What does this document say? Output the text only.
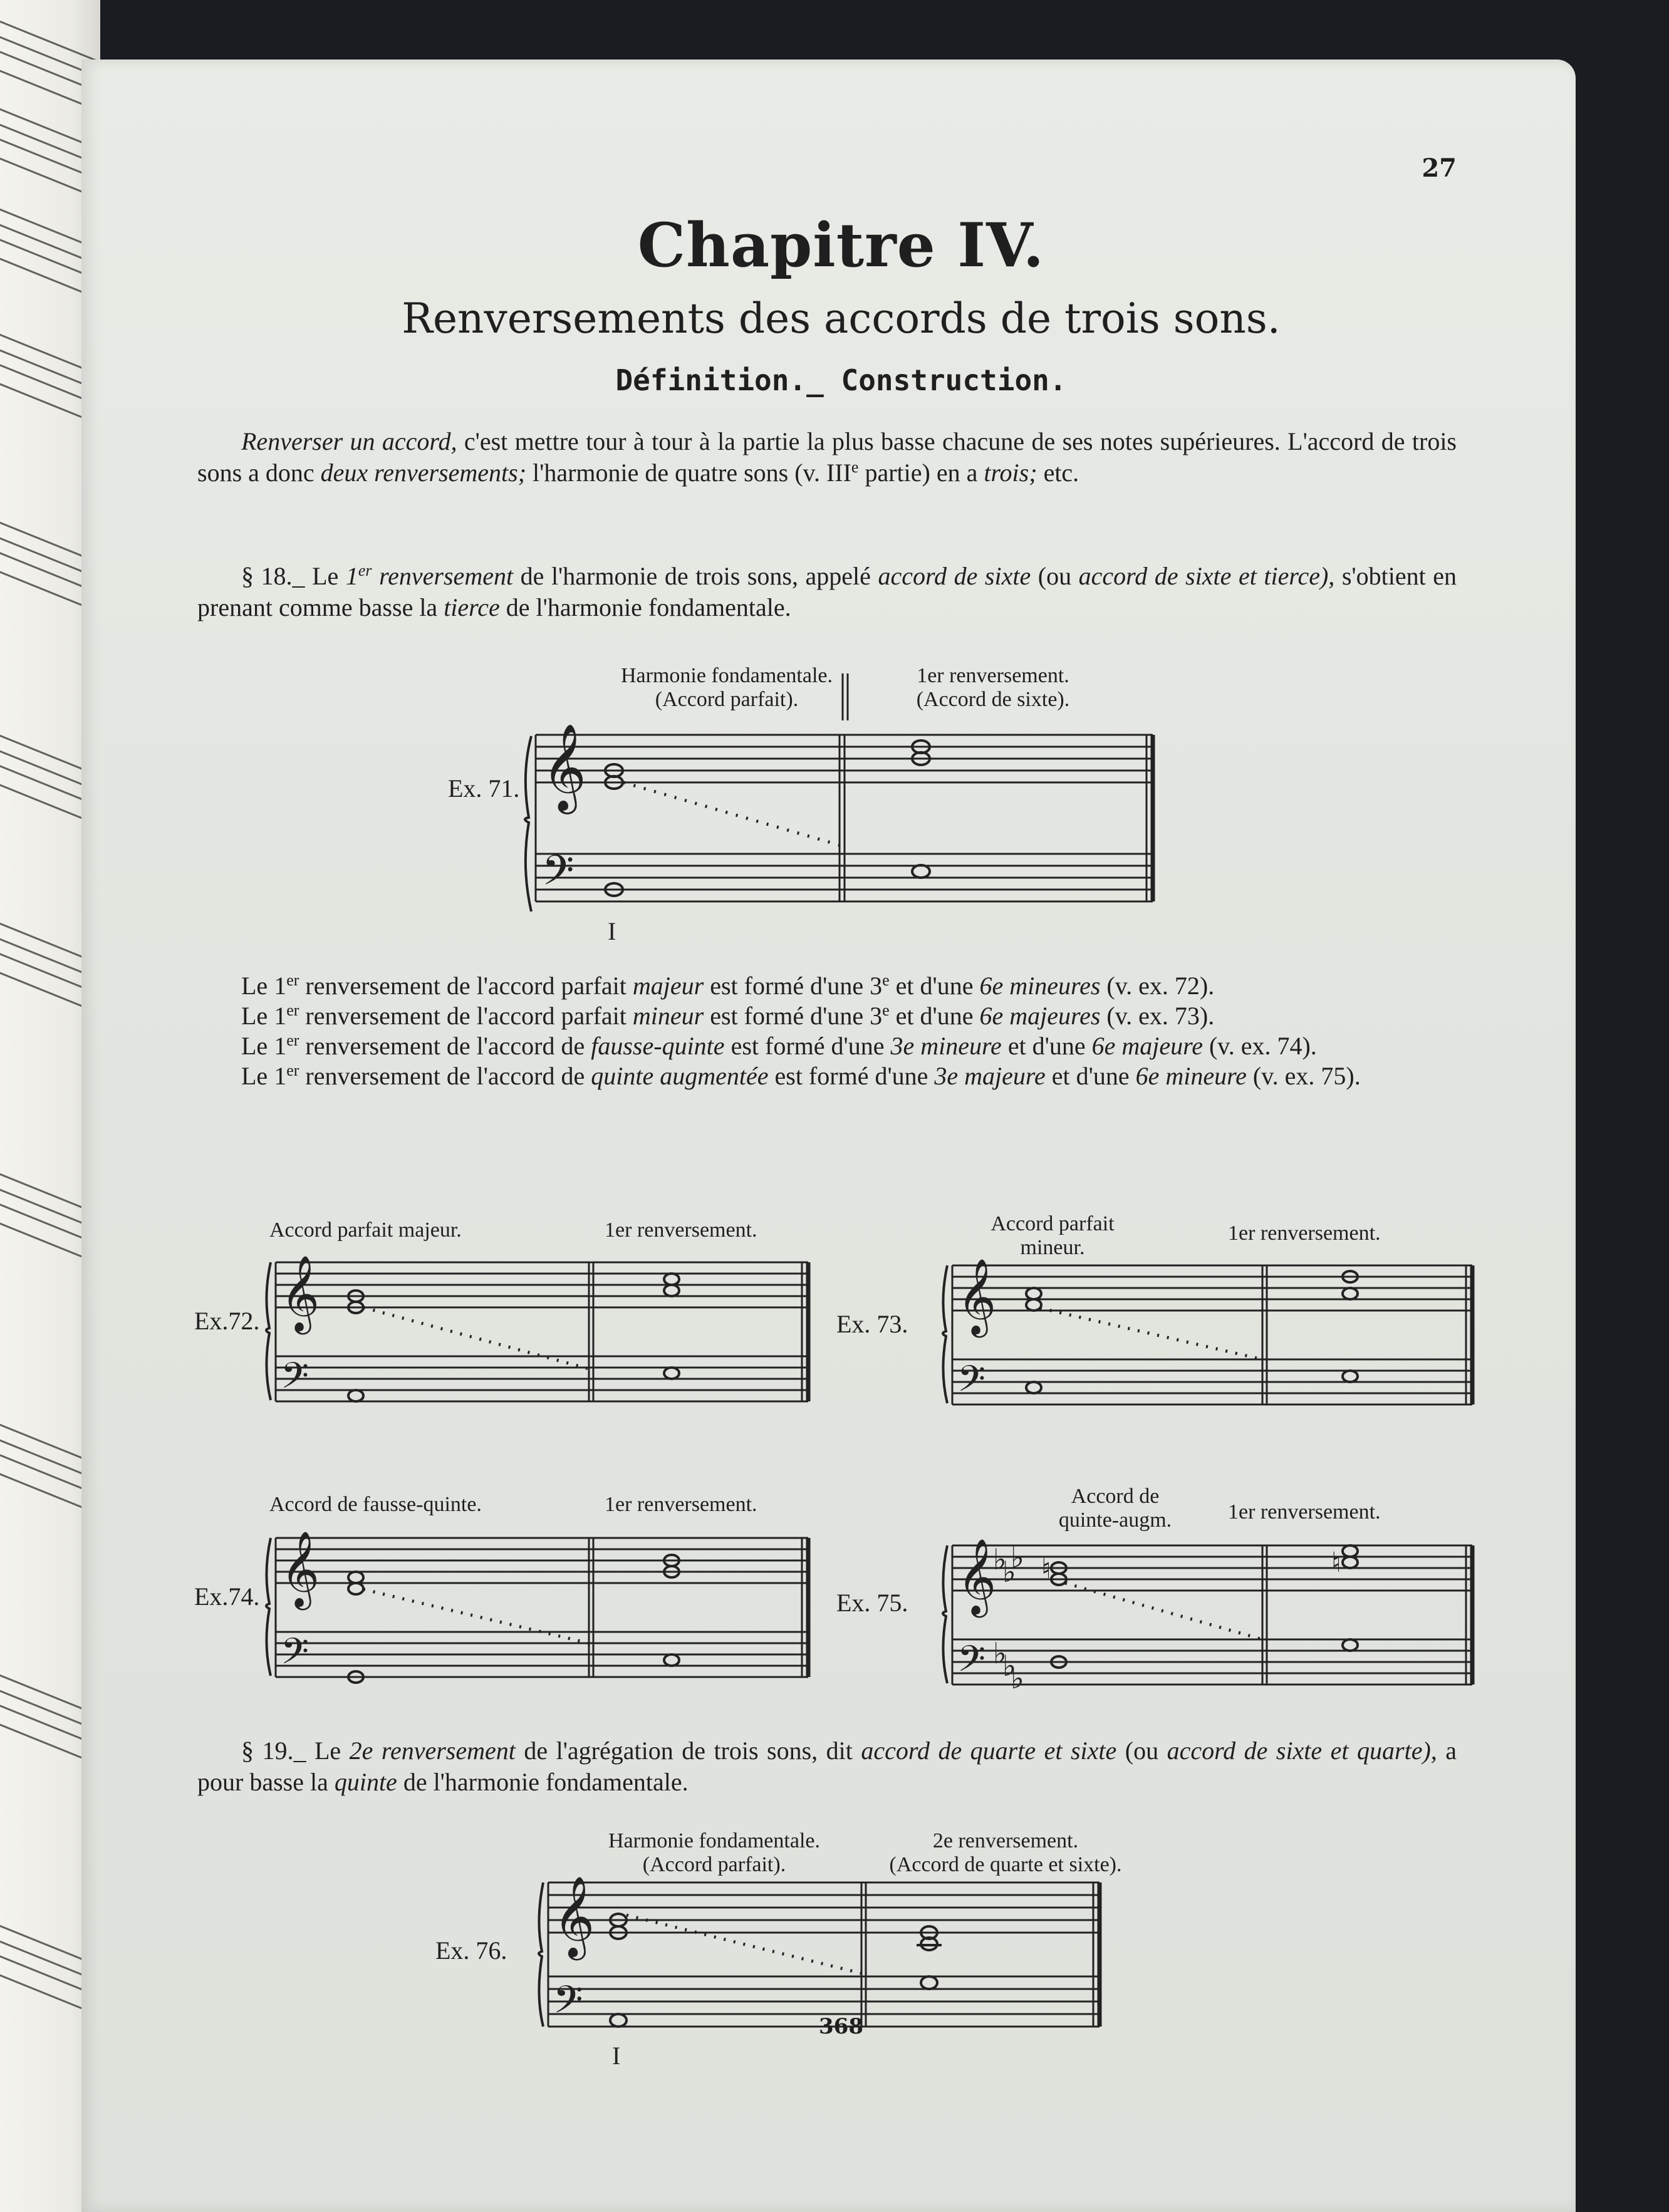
27
Chapitre IV.
Renversements des accords de trois sons.
Définition._ Construction.
Renverser un accord, c'est mettre tour à tour à la partie la plus basse chacune de ses notes supérieures. L'accord de trois sons a donc deux renversements; l'harmonie de quatre sons (v. IIIe partie) en a trois; etc.
§ 18._ Le 1er renversement de l'harmonie de trois sons, appelé accord de sixte (ou accord de sixte et tierce), s'obtient en prenant comme basse la tierce de l'harmonie fondamentale.
Harmonie fondamentale.
(Accord parfait).
1er renversement.
(Accord de sixte).
Ex. 71. 𝄞
𝄢
I
Le 1er renversement de l'accord parfait majeur est formé d'une 3e et d'une 6e mineures (v. ex. 72).
Le 1er renversement de l'accord parfait mineur est formé d'une 3e et d'une 6e majeures (v. ex. 73).
Le 1er renversement de l'accord de fausse-quinte est formé d'une 3e mineure et d'une 6e majeure (v. ex. 74).
Le 1er renversement de l'accord de quinte augmentée est formé d'une 3e majeure et d'une 6e mineure (v. ex. 75).
Accord parfait majeur.	1er renversement.
Ex.72. 𝄞
𝄢
Accord parfait
mineur.
1er renversement.
Ex. 73. 𝄞
𝄢
Accord de fausse-quinte.	1er renversement.
Ex.74. 𝄞
𝄢
Accord de
quinte-augm.	1er renversement.
Ex. 75. 𝄞
♭
♭
♭
𝄢 ♭
♭
♭
♮	♮
§ 19._ Le 2e renversement de l'agrégation de trois sons, dit accord de quarte et sixte (ou accord de sixte et quarte), a pour basse la quinte de l'harmonie fondamentale.
Harmonie fondamentale.
(Accord parfait).
2e renversement.
(Accord de quarte et sixte).
Ex. 76. 𝄞
𝄢
I
368
